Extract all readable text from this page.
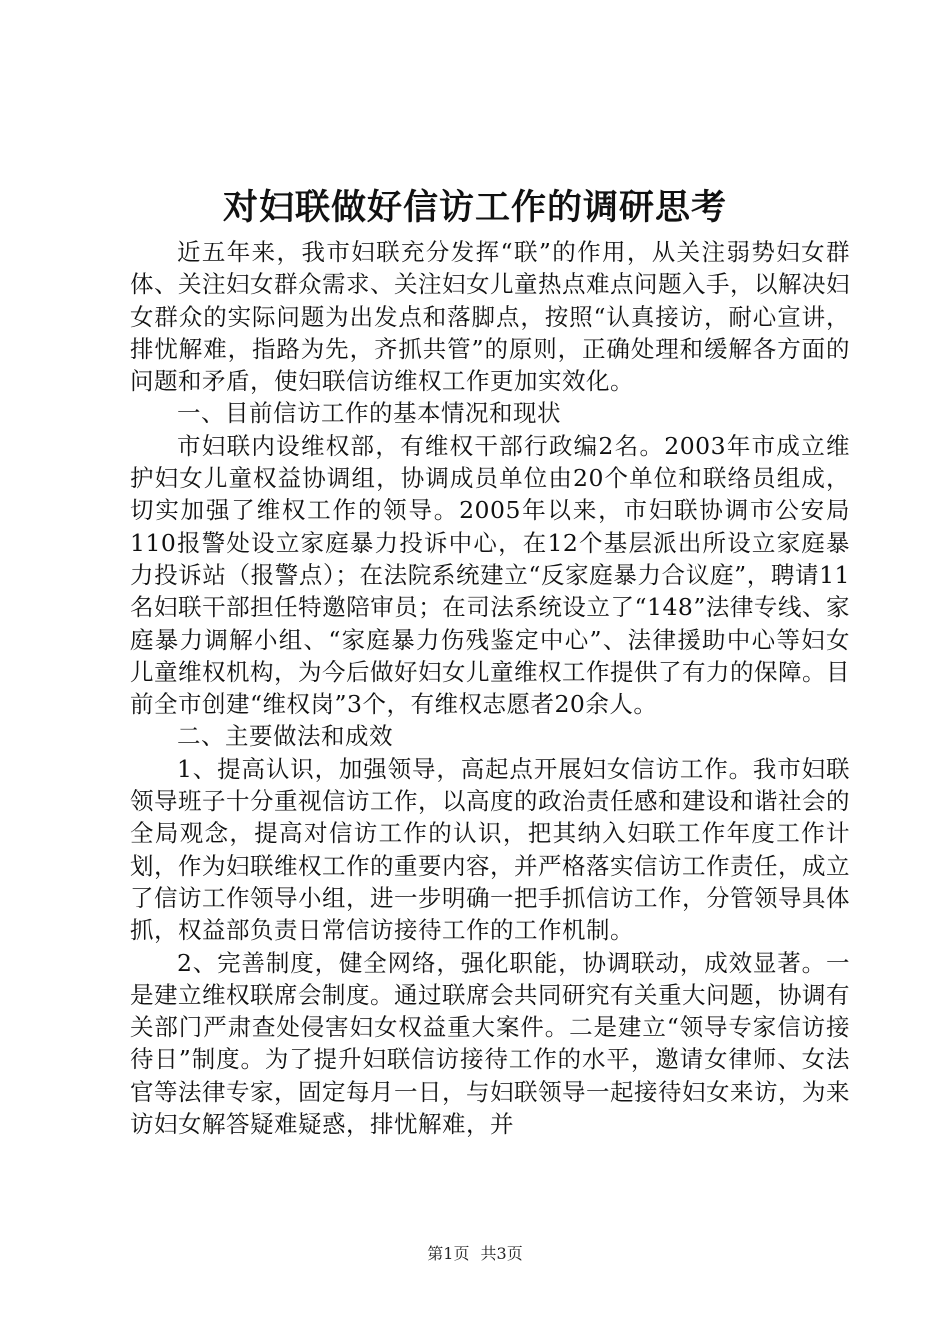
对妇联做好信访工作的调研思考

近五年来，我市妇联充分发挥“联”的作用，从关注弱势妇女群体、关注妇女群众需求、关注妇女儿童热点难点问题入手，以解决妇女群众的实际问题为出发点和落脚点，按照“认真接访，耐心宣讲，排忧解难，指路为先，齐抓共管”的原则，正确处理和缓解各方面的问题和矛盾，使妇联信访维权工作更加实效化。

一、目前信访工作的基本情况和现状

市妇联内设维权部，有维权干部行政编2名。2003年市成立维护妇女儿童权益协调组，协调成员单位由20个单位和联络员组成，切实加强了维权工作的领导。2005年以来，市妇联协调市公安局110报警处设立家庭暴力投诉中心，在12个基层派出所设立家庭暴力投诉站（报警点）；在法院系统建立“反家庭暴力合议庭”，聘请11名妇联干部担任特邀陪审员；在司法系统设立了“148”法律专线、家庭暴力调解小组、“家庭暴力伤残鉴定中心”、法律援助中心等妇女儿童维权机构，为今后做好妇女儿童维权工作提供了有力的保障。目前全市创建“维权岗”3个，有维权志愿者20余人。

二、主要做法和成效

1、提高认识，加强领导，高起点开展妇女信访工作。我市妇联领导班子十分重视信访工作，以高度的政治责任感和建设和谐社会的全局观念，提高对信访工作的认识，把其纳入妇联工作年度工作计划，作为妇联维权工作的重要内容，并严格落实信访工作责任，成立了信访工作领导小组，进一步明确一把手抓信访工作，分管领导具体抓，权益部负责日常信访接待工作的工作机制。

2、完善制度，健全网络，强化职能，协调联动，成效显著。一是建立维权联席会制度。通过联席会共同研究有关重大问题，协调有关部门严肃查处侵害妇女权益重大案件。二是建立“领导专家信访接待日”制度。为了提升妇联信访接待工作的水平，邀请女律师、女法官等法律专家，固定每月一日，与妇联领导一起接待妇女来访，为来访妇女解答疑难疑惑，排忧解难，并

第1页 共3页
